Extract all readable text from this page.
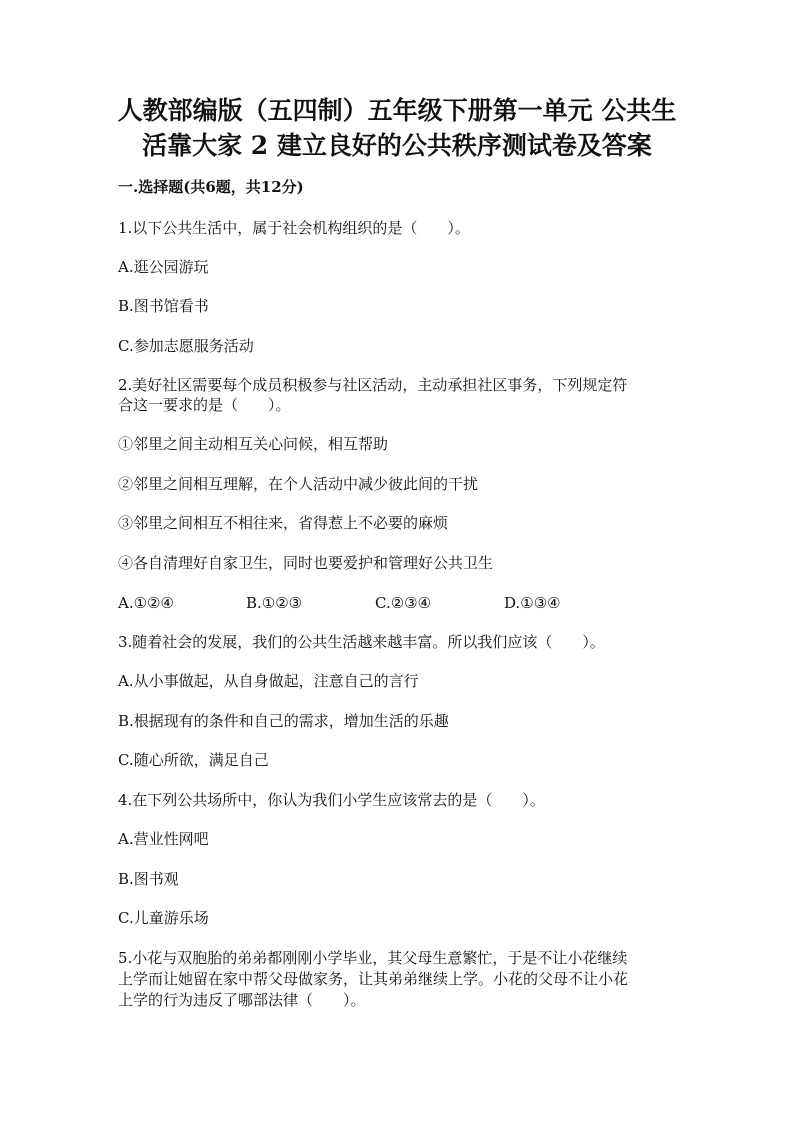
人教部编版（五四制）五年级下册第一单元 公共生
活靠大家 2 建立良好的公共秩序测试卷及答案
一.选择题(共6题，共12分)
1.以下公共生活中，属于社会机构组织的是（　　）。
A.逛公园游玩
B.图书馆看书
C.参加志愿服务活动
2.美好社区需要每个成员积极参与社区活动，主动承担社区事务，下列规定符
合这一要求的是（　　）。
①邻里之间主动相互关心问候，相互帮助
②邻里之间相互理解，在个人活动中减少彼此间的干扰
③邻里之间相互不相往来，省得惹上不必要的麻烦
④各自清理好自家卫生，同时也要爱护和管理好公共卫生
A.①②④	B.①②③	C.②③④	D.①③④
3.随着社会的发展，我们的公共生活越来越丰富。所以我们应该（　　）。
A.从小事做起，从自身做起，注意自己的言行
B.根据现有的条件和自己的需求，增加生活的乐趣
C.随心所欲，满足自己
4.在下列公共场所中，你认为我们小学生应该常去的是（　　）。
A.营业性网吧
B.图书观
C.儿童游乐场
5.小花与双胞胎的弟弟都刚刚小学毕业，其父母生意繁忙，于是不让小花继续
上学而让她留在家中帮父母做家务，让其弟弟继续上学。小花的父母不让小花
上学的行为违反了哪部法律（　　）。
